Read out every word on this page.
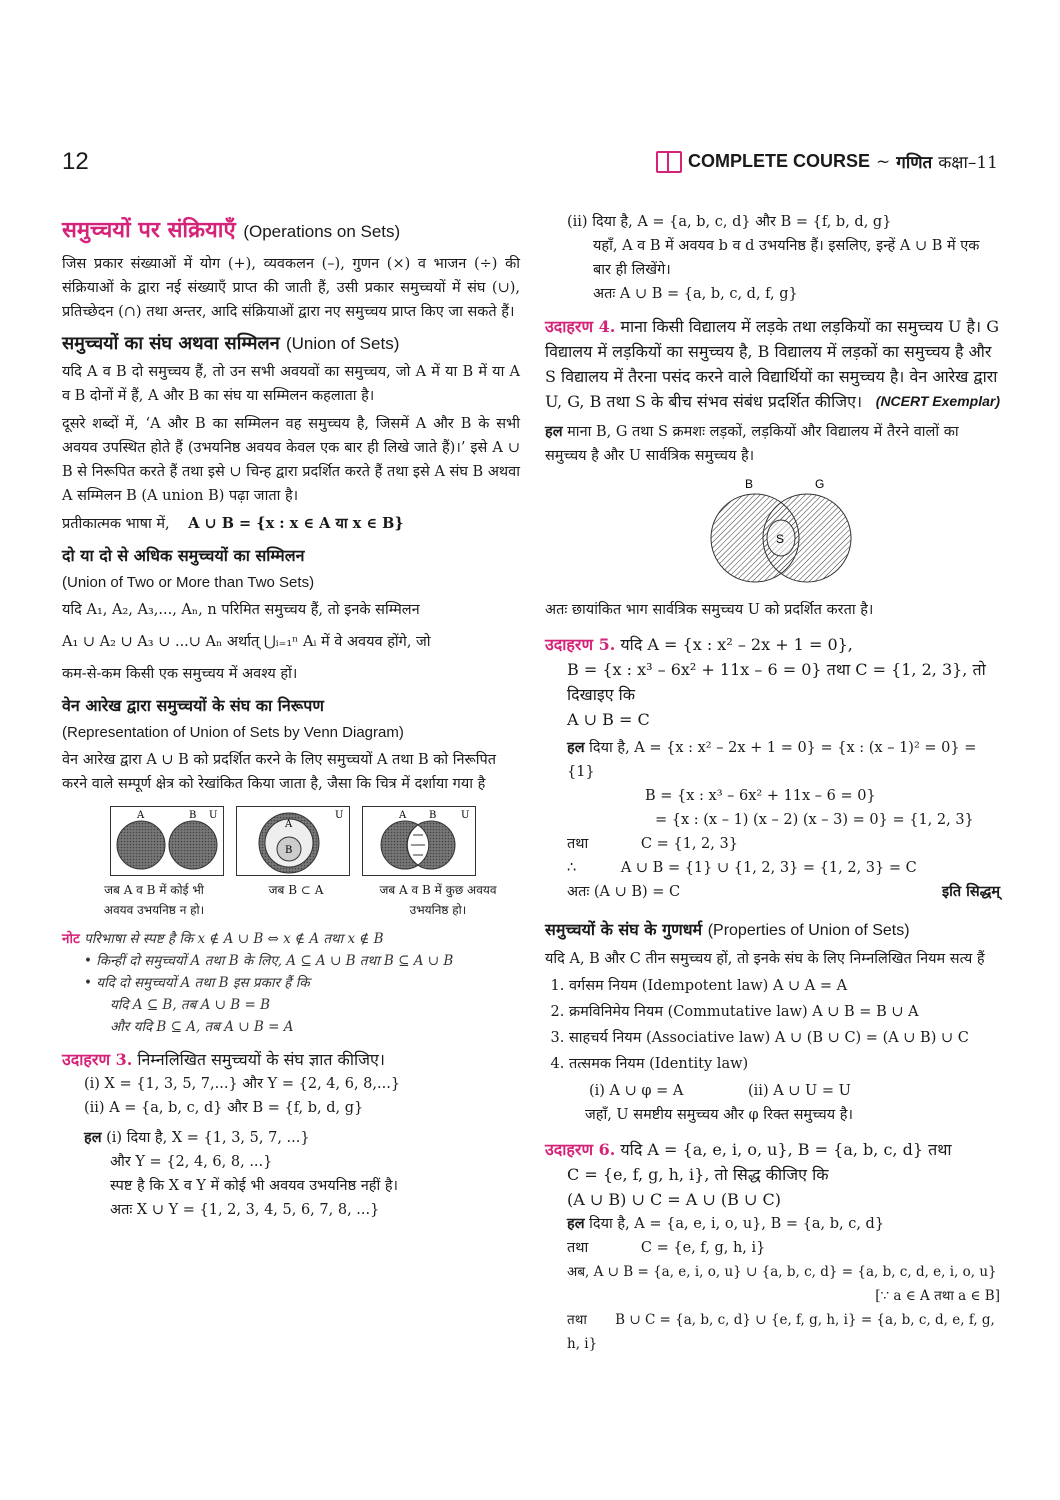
12	COMPLETE COURSE ~ गणित कक्षा–11
समुच्चयों पर संक्रियाएँ (Operations on Sets)

जिस प्रकार संख्याओं में योग (+), व्यवकलन (–), गुणन (×) व भाजन (÷) की संक्रियाओं के द्वारा नई संख्याएँ प्राप्त की जाती हैं, उसी प्रकार समुच्चयों में संघ (∪), प्रतिच्छेदन (∩) तथा अन्तर, आदि संक्रियाओं द्वारा नए समुच्चय प्राप्त किए जा सकते हैं।

समुच्चयों का संघ अथवा सम्मिलन (Union of Sets)

यदि A व B दो समुच्चय हैं, तो उन सभी अवयवों का समुच्चय, जो A में या B में या A व B दोनों में हैं, A और B का संघ या सम्मिलन कहलाता है।

दूसरे शब्दों में, ‘A और B का सम्मिलन वह समुच्चय है, जिसमें A और B के सभी अवयव उपस्थित होते हैं (उभयनिष्ठ अवयव केवल एक बार ही लिखे जाते हैं)।’ इसे A ∪ B से निरूपित करते हैं तथा इसे ∪ चिन्ह द्वारा प्रदर्शित करते हैं तथा इसे A संघ B अथवा A सम्मिलन B (A union B) पढ़ा जाता है।

प्रतीकात्मक भाषा में, A ∪ B = {x : x ∈ A या x ∈ B}

दो या दो से अधिक समुच्चयों का सम्मिलन
(Union of Two or More than Two Sets)

यदि A₁, A₂, A₃,..., Aₙ, n परिमित समुच्चय हैं, तो इनके सम्मिलन

A₁ ∪ A₂ ∪ A₃ ∪ ...∪ Aₙ अर्थात् ⋃ᵢ₌₁ⁿ Aᵢ में वे अवयव होंगे, जो

कम-से-कम किसी एक समुच्चय में अवश्य हों।

वेन आरेख द्वारा समुच्चयों के संघ का निरूपण
(Representation of Union of Sets by Venn Diagram)

वेन आरेख द्वारा A ∪ B को प्रदर्शित करने के लिए समुच्चयों A तथा B को निरूपित करने वाले सम्पूर्ण क्षेत्र को रेखांकित किया जाता है, जैसा कि चित्र में दर्शाया गया है

A	B U
A
B
U	A B U
जब A व B में कोई भी अवयव उभयनिष्ठ न हो।
जब B ⊂ A	जब A व B में कुछ अवयव उभयनिष्ठ हो।
नोट परिभाषा से स्पष्ट है कि x ∉ A ∪ B ⇔ x ∉ A तथा x ∉ B
• किन्हीं दो समुच्चयों A तथा B के लिए, A ⊆ A ∪ B तथा B ⊆ A ∪ B
• यदि दो समुच्चयों A तथा B इस प्रकार हैं कि
यदि A ⊆ B, तब A ∪ B = B
और यदि B ⊆ A, तब A ∪ B = A

उदाहरण 3. निम्नलिखित समुच्चयों के संघ ज्ञात कीजिए।

(i) X = {1, 3, 5, 7,...} और Y = {2, 4, 6, 8,...}

(ii) A = {a, b, c, d} और B = {f, b, d, g}

हल (i) दिया है, X = {1, 3, 5, 7, ...}

और Y = {2, 4, 6, 8, ...}

स्पष्ट है कि X व Y में कोई भी अवयव उभयनिष्ठ नहीं है।

अतः X ∪ Y = {1, 2, 3, 4, 5, 6, 7, 8, ...}

(ii) दिया है, A = {a, b, c, d} और B = {f, b, d, g}

यहाँ, A व B में अवयव b व d उभयनिष्ठ हैं। इसलिए, इन्हें A ∪ B में एक बार ही लिखेंगे।

अतः A ∪ B = {a, b, c, d, f, g}

उदाहरण 4. माना किसी विद्यालय में लड़के तथा लड़कियों का समुच्चय U है। G विद्यालय में लड़कियों का समुच्चय है, B विद्यालय में लड़कों का समुच्चय है और S विद्यालय में तैरना पसंद करने वाले विद्यार्थियों का समुच्चय है। वेन आरेख द्वारा U, G, B तथा S के बीच संभव संबंध प्रदर्शित कीजिए। (NCERT Exemplar)

हल माना B, G तथा S क्रमशः लड़कों, लड़कियों और विद्यालय में तैरने वालों का समुच्चय है और U सार्वत्रिक समुच्चय है।

B	G
S

अतः छायांकित भाग सार्वत्रिक समुच्चय U को प्रदर्शित करता है।

उदाहरण 5. यदि A = {x : x² – 2x + 1 = 0},

B = {x : x³ – 6x² + 11x – 6 = 0} तथा C = {1, 2, 3}, तो दिखाइए कि

A ∪ B = C

हल दिया है, A = {x : x² – 2x + 1 = 0} = {x : (x – 1)² = 0} = {1}

B = {x : x³ – 6x² + 11x – 6 = 0}

= {x : (x – 1) (x – 2) (x – 3) = 0} = {1, 2, 3}

तथा	C = {1, 2, 3}

∴	A ∪ B = {1} ∪ {1, 2, 3} = {1, 2, 3} = C

अतः (A ∪ B) = C	इति सिद्धम्

समुच्चयों के संघ के गुणधर्म (Properties of Union of Sets)

यदि A, B और C तीन समुच्चय हों, तो इनके संघ के लिए निम्नलिखित नियम सत्य हैं

1. वर्गसम नियम (Idempotent law) A ∪ A = A
2. क्रमविनिमेय नियम (Commutative law) A ∪ B = B ∪ A
3. साहचर्य नियम (Associative law) A ∪ (B ∪ C) = (A ∪ B) ∪ C
4. तत्समक नियम (Identity law)

(i) A ∪ φ = A	(ii) A ∪ U = U

जहाँ, U समष्टीय समुच्चय और φ रिक्त समुच्चय है।

उदाहरण 6. यदि A = {a, e, i, o, u}, B = {a, b, c, d} तथा

C = {e, f, g, h, i}, तो सिद्ध कीजिए कि

(A ∪ B) ∪ C = A ∪ (B ∪ C)

हल दिया है, A = {a, e, i, o, u}, B = {a, b, c, d}

तथा	C = {e, f, g, h, i}

अब, A ∪ B = {a, e, i, o, u} ∪ {a, b, c, d} = {a, b, c, d, e, i, o, u}

[∵ a ∈ A तथा a ∈ B]

तथा B ∪ C = {a, b, c, d} ∪ {e, f, g, h, i} = {a, b, c, d, e, f, g, h, i}
